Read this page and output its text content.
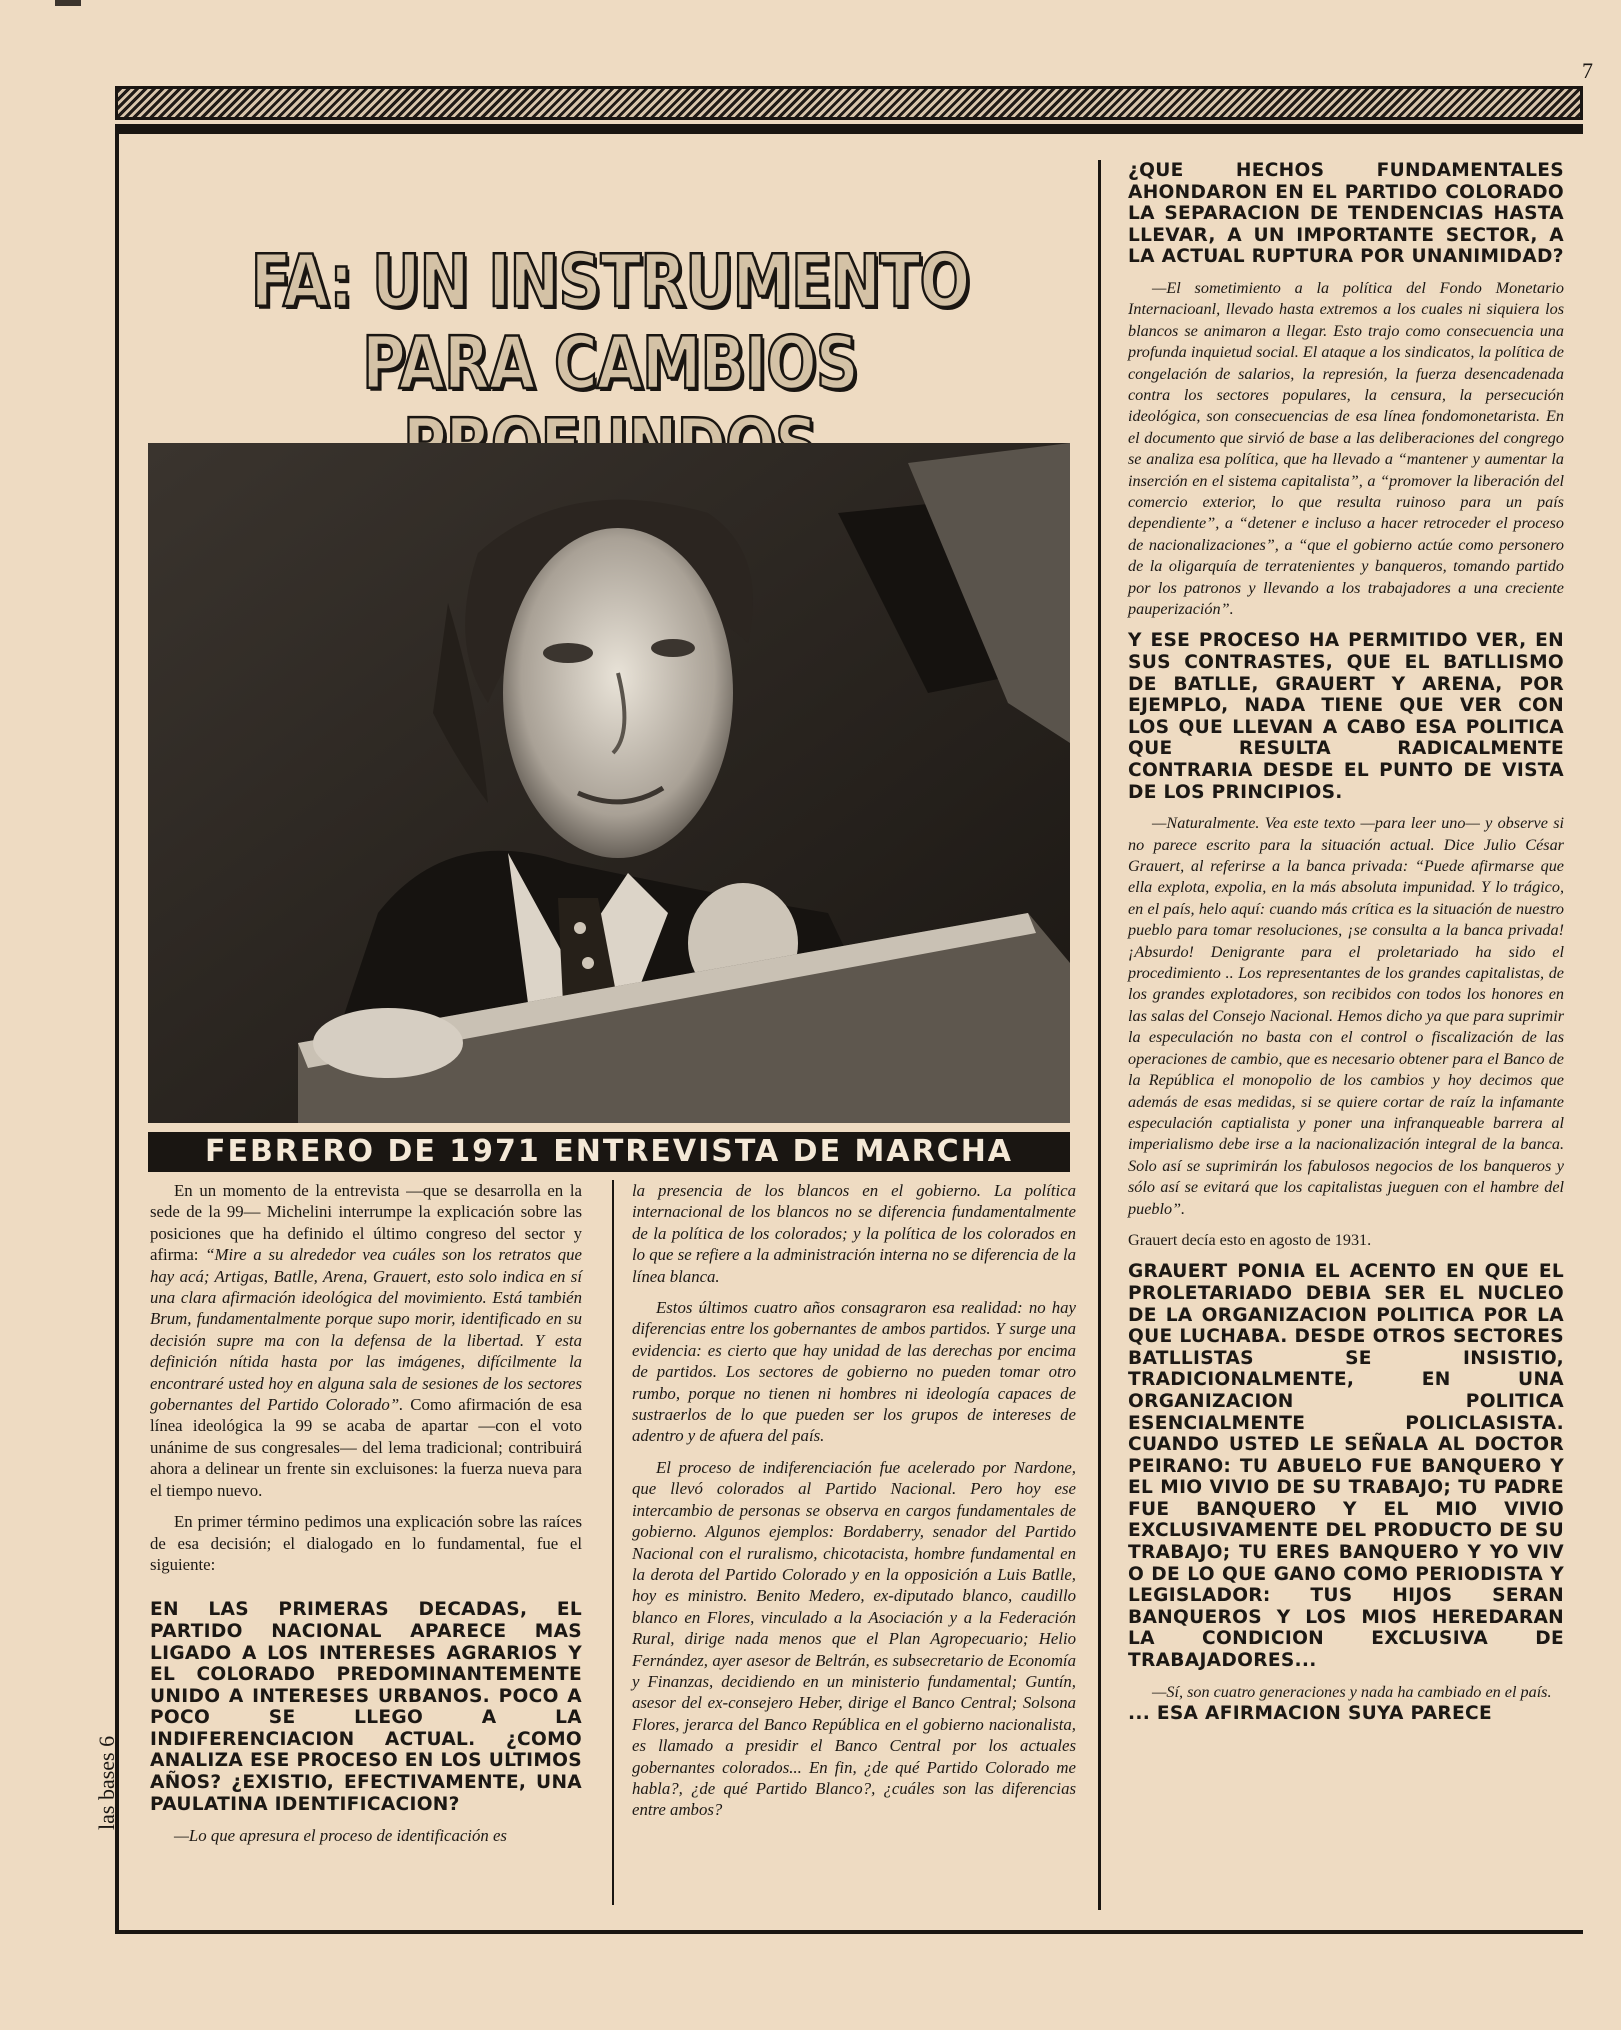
7
las bases 6
FA: UN INSTRUMENTO
PARA CAMBIOS
FEBRERO DE 1971 ENTREVISTA DE MARCHA

En un momento de la entrevista —que se desarrolla en la sede de la 99— Michelini interrumpe la explicación sobre las posiciones que ha definido el último congreso del sector y afirma: “Mire a su alrededor vea cuáles son los retratos que hay acá; Artigas, Batlle, Arena, Grauert, esto solo indica en sí una clara afirmación ideológica del movimiento. Está también Brum, fundamentalmente porque supo morir, identificado en su decisión supre ma con la defensa de la libertad. Y esta definición nítida hasta por las imágenes, difícilmente la encontraré usted hoy en alguna sala de sesiones de los sectores gobernantes del Partido Colorado”. Como afirmación de esa línea ideológica la 99 se acaba de apartar —con el voto unánime de sus congresales— del lema tradicional; contribuirá ahora a delinear un frente sin excluisones: la fuerza nueva para el tiempo nuevo.

En primer término pedimos una explicación sobre las raíces de esa decisión; el dialogado en lo fundamental, fue el siguiente:

EN LAS PRIMERAS DECADAS, EL PARTIDO NACIONAL APARECE MAS LIGADO A LOS INTERESES AGRARIOS Y EL COLORADO PREDOMINANTEMENTE UNIDO A INTERESES URBANOS. POCO A POCO SE LLEGO A LA INDIFERENCIACION ACTUAL. ¿COMO ANALIZA ESE PROCESO EN LOS ULTIMOS AÑOS? ¿EXISTIO, EFECTIVAMENTE, UNA PAULATINA IDENTIFICACION?

—Lo que apresura el proceso de identificación es

la presencia de los blancos en el gobierno. La política internacional de los blancos no se diferencia fundamentalmente de la política de los colorados; y la política de los colorados en lo que se refiere a la administración interna no se diferencia de la línea blanca.

Estos últimos cuatro años consagraron esa realidad: no hay diferencias entre los gobernantes de ambos partidos. Y surge una evidencia: es cierto que hay unidad de las derechas por encima de partidos. Los sectores de gobierno no pueden tomar otro rumbo, porque no tienen ni hombres ni ideología capaces de sustraerlos de lo que pueden ser los grupos de intereses de adentro y de afuera del país.

El proceso de indiferenciación fue acelerado por Nardone, que llevó colorados al Partido Nacional. Pero hoy ese intercambio de personas se observa en cargos fundamentales de gobierno. Algunos ejemplos: Bordaberry, senador del Partido Nacional con el ruralismo, chicotacista, hombre fundamental en la derota del Partido Colorado y en la opposición a Luis Batlle, hoy es ministro. Benito Medero, ex-diputado blanco, caudillo blanco en Flores, vinculado a la Asociación y a la Federación Rural, dirige nada menos que el Plan Agropecuario; Helio Fernández, ayer asesor de Beltrán, es subsecretario de Economía y Finanzas, decidiendo en un ministerio fundamental; Guntín, asesor del ex-consejero Heber, dirige el Banco Central; Solsona Flores, jerarca del Banco República en el gobierno nacionalista, es llamado a presidir el Banco Central por los actuales gobernantes colorados... En fin, ¿de qué Partido Colorado me habla?, ¿de qué Partido Blanco?, ¿cuáles son las diferencias entre ambos?

¿QUE HECHOS FUNDAMENTALES AHONDARON EN EL PARTIDO COLORADO LA SEPARACION DE TENDENCIAS HASTA LLEVAR, A UN IMPORTANTE SECTOR, A LA ACTUAL RUPTURA POR UNANIMIDAD?

—El sometimiento a la política del Fondo Monetario Internacioanl, llevado hasta extremos a los cuales ni siquiera los blancos se animaron a llegar. Esto trajo como consecuencia una profunda inquietud social. El ataque a los sindicatos, la política de congelación de salarios, la represión, la fuerza desencadenada contra los sectores populares, la censura, la persecución ideológica, son consecuencias de esa línea fondomonetarista. En el documento que sirvió de base a las deliberaciones del congrego se analiza esa política, que ha llevado a “mantener y aumentar la inserción en el sistema capitalista”, a “promover la liberación del comercio exterior, lo que resulta ruinoso para un país dependiente”, a “detener e incluso a hacer retroceder el proceso de nacionalizaciones”, a “que el gobierno actúe como personero de la oligarquía de terratenientes y banqueros, tomando partido por los patronos y llevando a los trabajadores a una creciente pauperización”.

Y ESE PROCESO HA PERMITIDO VER, EN SUS CONTRASTES, QUE EL BATLLISMO DE BATLLE, GRAUERT Y ARENA, POR EJEMPLO, NADA TIENE QUE VER CON LOS QUE LLEVAN A CABO ESA POLITICA QUE RESULTA RADICALMENTE CONTRARIA DESDE EL PUNTO DE VISTA DE LOS PRINCIPIOS.

—Naturalmente. Vea este texto —para leer uno— y observe si no parece escrito para la situación actual. Dice Julio César Grauert, al referirse a la banca privada: “Puede afirmarse que ella explota, expolia, en la más absoluta impunidad. Y lo trágico, en el país, helo aquí: cuando más crítica es la situación de nuestro pueblo para tomar resoluciones, ¡se consulta a la banca privada! ¡Absurdo! Denigrante para el proletariado ha sido el procedimiento .. Los representantes de los grandes capitalistas, de los grandes explotadores, son recibidos con todos los honores en las salas del Consejo Nacional. Hemos dicho ya que para suprimir la especulación no basta con el control o fiscalización de las operaciones de cambio, que es necesario obtener para el Banco de la República el monopolio de los cambios y hoy decimos que además de esas medidas, si se quiere cortar de raíz la infamante especulación captialista y poner una infranqueable barrera al imperialismo debe irse a la nacionalización integral de la banca. Solo así se suprimirán los fabulosos negocios de los banqueros y sólo así se evitará que los capitalistas jueguen con el hambre del pueblo”.

Grauert decía esto en agosto de 1931.

GRAUERT PONIA EL ACENTO EN QUE EL PROLETARIADO DEBIA SER EL NUCLEO DE LA ORGANIZACION POLITICA POR LA QUE LUCHABA. DESDE OTROS SECTORES BATLLISTAS SE INSISTIO, TRADICIONALMENTE, EN UNA ORGANIZACION POLITICA ESENCIALMENTE POLICLASISTA. CUANDO USTED LE SEÑALA AL DOCTOR PEIRANO: TU ABUELO FUE BANQUERO Y EL MIO VIVIO DE SU TRABAJO; TU PADRE FUE BANQUERO Y EL MIO VIVIO EXCLUSIVAMENTE DEL PRODUCTO DE SU TRABAJO; TU ERES BANQUERO Y YO VIV O DE LO QUE GANO COMO PERIODISTA Y LEGISLADOR: TUS HIJOS SERAN BANQUEROS Y LOS MIOS HEREDARAN LA CONDICION EXCLUSIVA DE TRABAJADORES...

—Sí, son cuatro generaciones y nada ha cambiado en el país.

... ESA AFIRMACION SUYA PARECE
